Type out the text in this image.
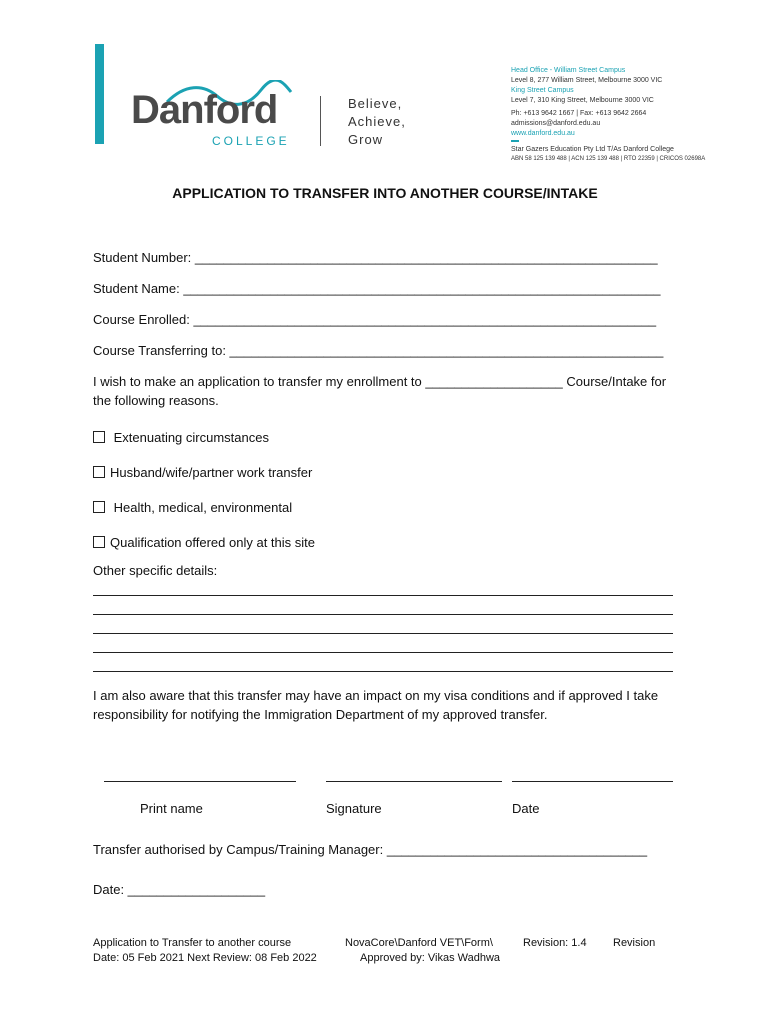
Danford
COLLEGE
Believe,
Achieve,
Grow
Head Office - William Street Campus
Level 8, 277 William Street, Melbourne 3000 VIC
King Street Campus
Level 7, 310 King Street, Melbourne 3000 VIC
Ph: +613 9642 1667 | Fax: +613 9642 2664
admissions@danford.edu.au
www.danford.edu.au
Star Gazers Education Pty Ltd T/As Danford College
ABN 58 125 139 488 | ACN 125 139 488 | RTO 22359 | CRICOS 02698A
APPLICATION TO TRANSFER INTO ANOTHER COURSE/INTAKE
Student Number: ________________________________________________________________
Student Name: __________________________________________________________________
Course Enrolled: ________________________________________________________________
Course Transferring to: ____________________________________________________________
I wish to make an application to transfer my enrollment to ___________________ Course/Intake for
the following reasons.
Extenuating circumstances
Husband/wife/partner work transfer
Health, medical, environmental
Qualification offered only at this site
Other specific details:
I am also aware that this transfer may have an impact on my visa conditions and if approved I take
responsibility for notifying the Immigration Department of my approved transfer.
Print name	Signature	Date
Transfer authorised by Campus/Training Manager: ____________________________________
Date: ___________________
Application to Transfer to another course	NovaCore\Danford VET\Form\	Revision: 1.4 Revision
Date: 05 Feb 2021 Next Review: 08 Feb 2022	Approved by: Vikas Wadhwa
